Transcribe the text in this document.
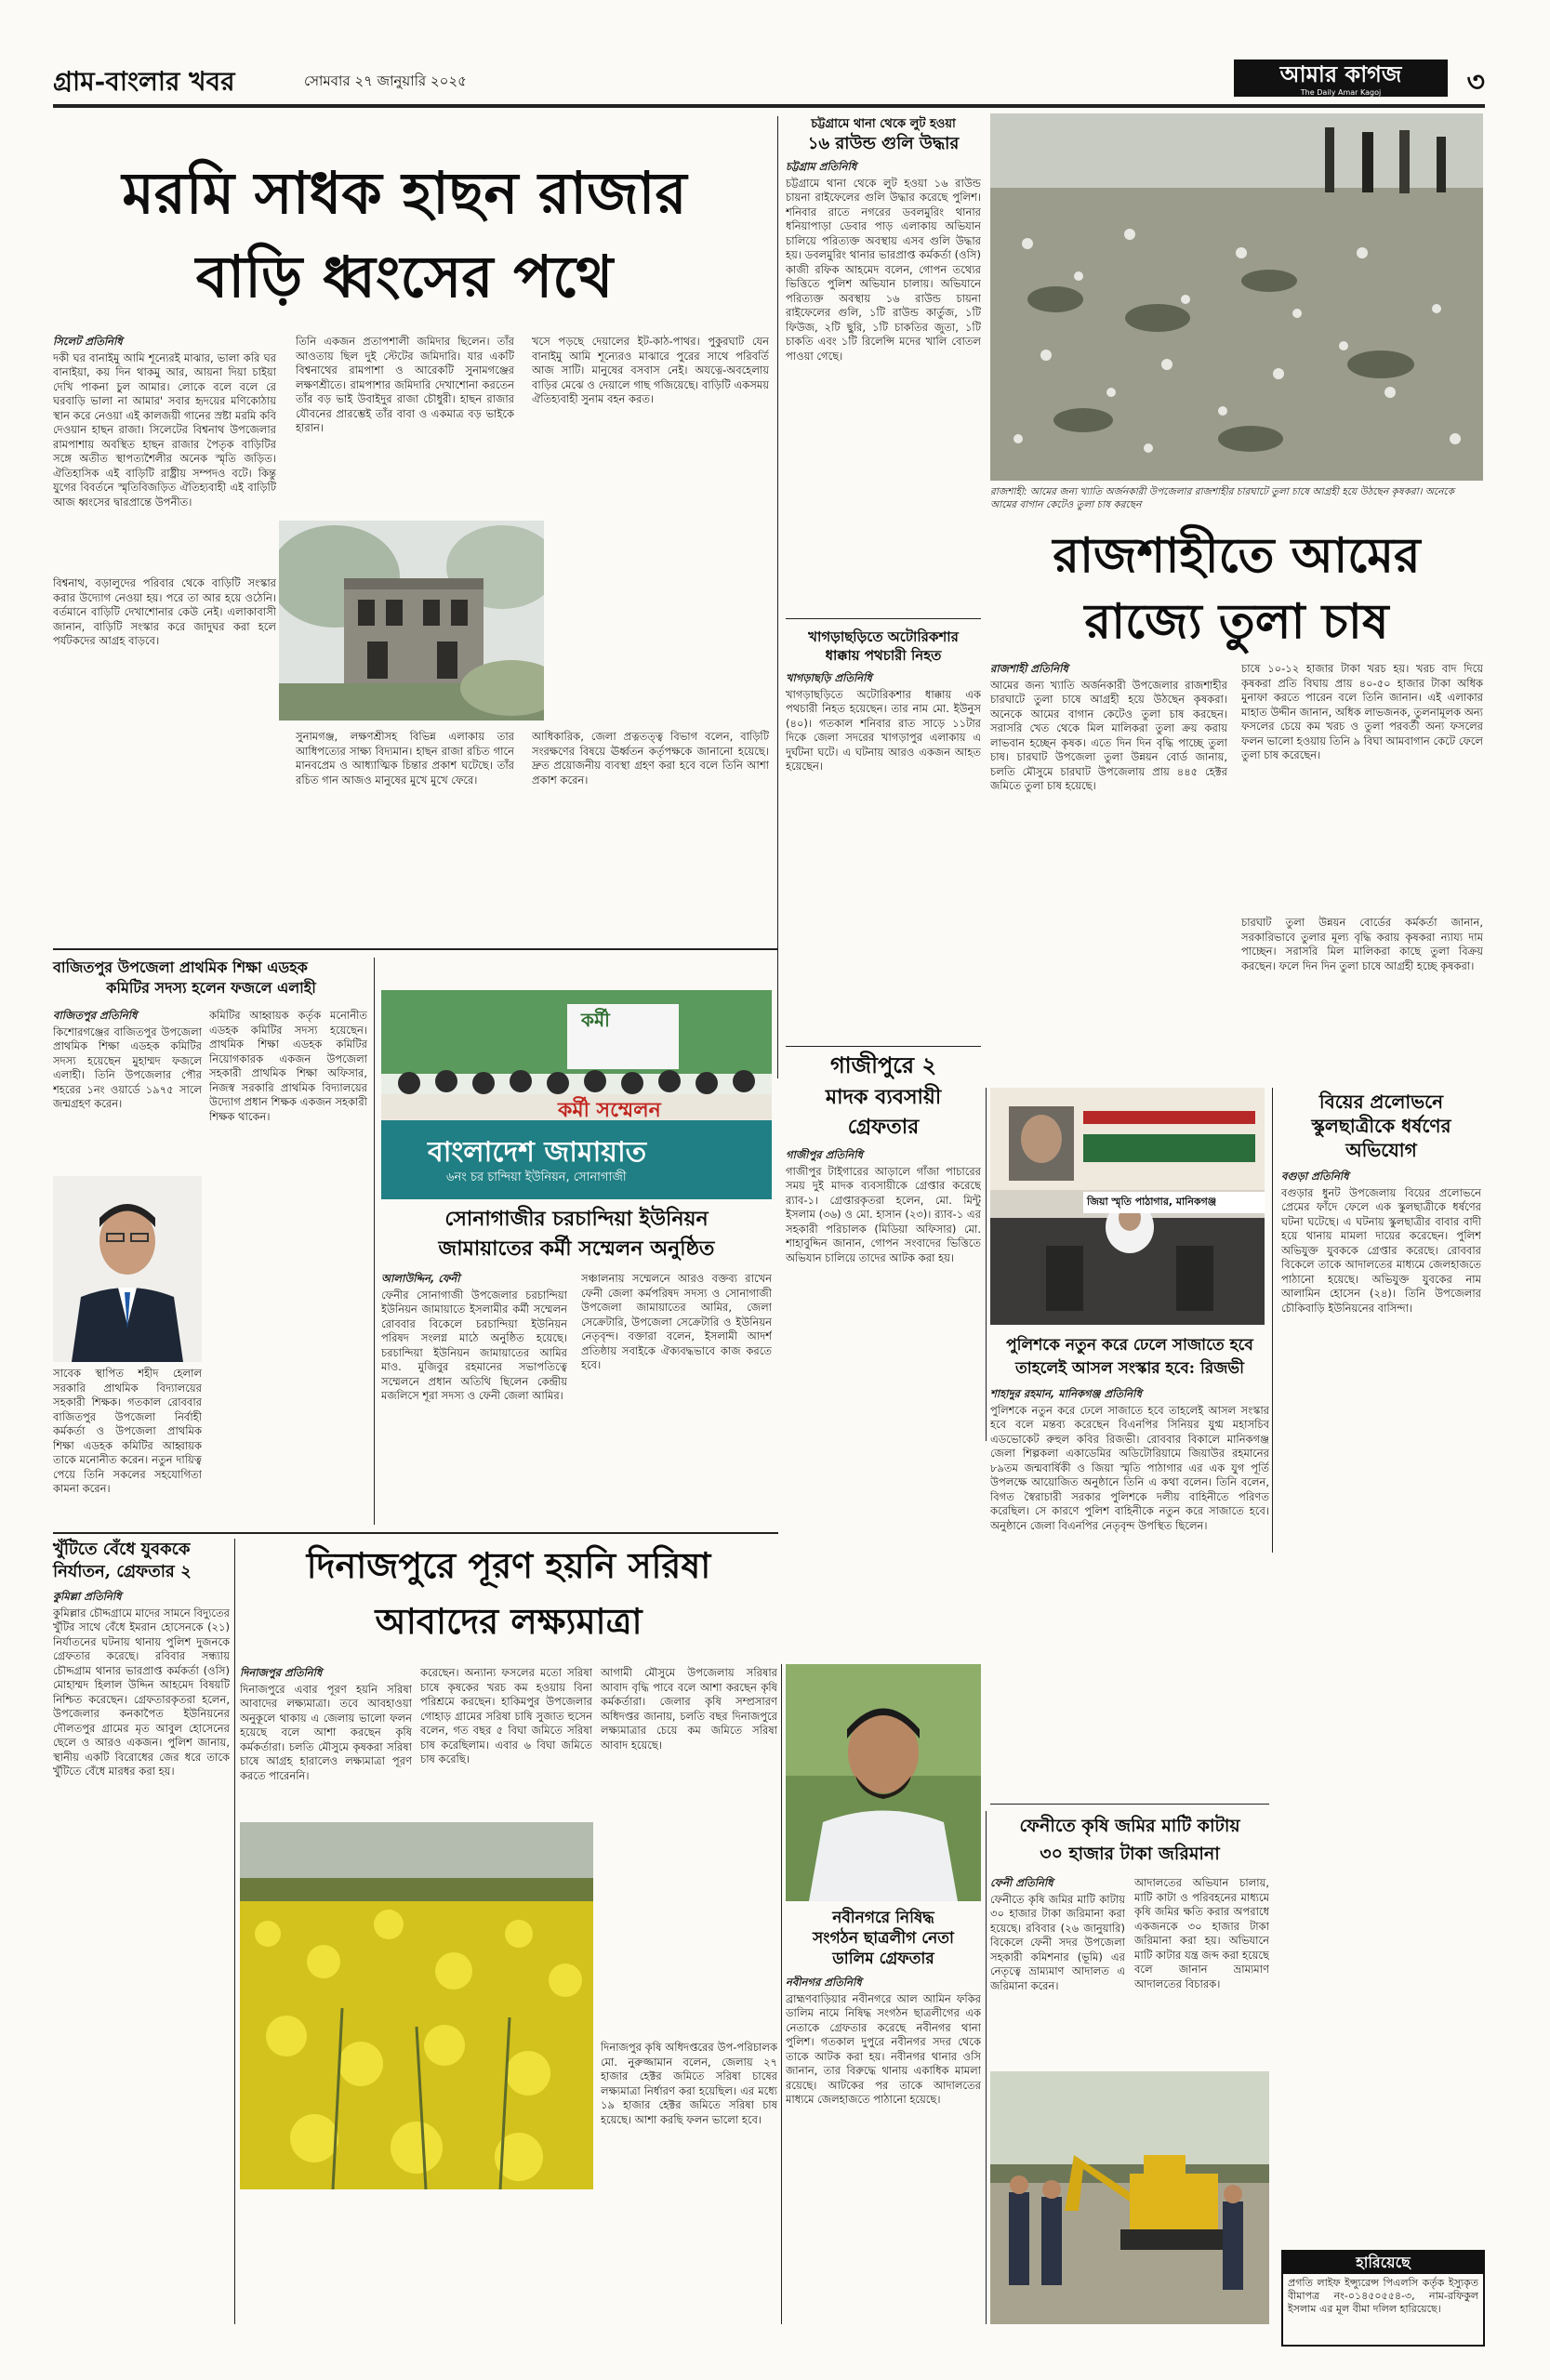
গ্রাম-বাংলার খবর	সোমবার ২৭ জানুয়ারি ২০২৫	আমার কাগজ
The Daily Amar Kagoj	৩
মরমি সাধক হাছন রাজার
বাড়ি ধ্বংসের পথে
সিলেট প্রতিনিধি
দকী ঘর বানাইমু আমি শূন্যেরই মাঝার, ভালা করি ঘর বানাইয়া, কয় দিন থাকমু আর, আয়না দিয়া চাইয়া দেখি পাকনা চুল আমার। লোকে বলে বলে রে ঘরবাড়ি ভালা না আমার' সবার হৃদয়ের মণিকোঠায় স্থান করে নেওয়া এই কালজয়ী গানের স্রষ্টা মরমি কবি দেওয়ান হাছন রাজা। সিলেটের বিশ্বনাথ উপজেলার রামপাশায় অবস্থিত হাছন রাজার পৈতৃক বাড়িটির সঙ্গে অতীত স্থাপত্যশৈলীর অনেক স্মৃতি জড়িত। ঐতিহাসিক এই বাড়িটি রাষ্ট্রীয় সম্পদও বটে। কিন্তু যুগের বিবর্তনে স্মৃতিবিজড়িত ঐতিহ্যবাহী এই বাড়িটি আজ ধ্বংসের দ্বারপ্রান্তে উপনীত।
তিনি একজন প্রতাপশালী জমিদার ছিলেন। তাঁর আওতায় ছিল দুই স্টেটের জমিদারি। যার একটি বিশ্বনাথের রামপাশা ও আরেকটি সুনামগঞ্জের লক্ষণশ্রীতে। রামপাশার জমিদারি দেখাশোনা করতেন তাঁর বড় ভাই উবাইদুর রাজা চৌধুরী। হাছন রাজার যৌবনের প্রারম্ভেই তাঁর বাবা ও একমাত্র বড় ভাইকে হারান।
খসে পড়ছে দেয়ালের ইট-কাঠ-পাথর। পুকুরঘাট যেন বানাইমু আমি শূন্যেরও মাঝারে পুরের সাথে পরিবর্তি আজ সাটি। মানুষের বসবাস নেই। অযত্নে-অবহেলায় বাড়ির মেঝে ও দেয়ালে গাছ গজিয়েছে। বাড়িটি একসময় ঐতিহ্যবাহী সুনাম বহন করত।
বিশ্বনাথ, বড়ালুদের পরিবার থেকে বাড়িটি সংস্কার করার উদ্যোগ নেওয়া হয়। পরে তা আর হয়ে ওঠেনি। বর্তমানে বাড়িটি দেখাশোনার কেউ নেই। এলাকাবাসী জানান, বাড়িটি সংস্কার করে জাদুঘর করা হলে পর্যটকদের আগ্রহ বাড়বে।
সুনামগঞ্জ, লক্ষণশ্রীসহ বিভিন্ন এলাকায় তার আধিপত্যের সাক্ষ্য বিদ্যমান। হাছন রাজা রচিত গানে মানবপ্রেম ও আধ্যাত্মিক চিন্তার প্রকাশ ঘটেছে। তাঁর রচিত গান আজও মানুষের মুখে মুখে ফেরে।
আধিকারিক, জেলা প্রত্নতত্ত্ব বিভাগ বলেন, বাড়িটি সংরক্ষণের বিষয়ে ঊর্ধ্বতন কর্তৃপক্ষকে জানানো হয়েছে। দ্রুত প্রয়োজনীয় ব্যবস্থা গ্রহণ করা হবে বলে তিনি আশা প্রকাশ করেন।
চট্টগ্রামে থানা থেকে লুট হওয়া
১৬ রাউন্ড গুলি উদ্ধার
চট্টগ্রাম প্রতিনিধি
চট্টগ্রামে থানা থেকে লুট হওয়া ১৬ রাউন্ড চায়না রাইফেলের গুলি উদ্ধার করেছে পুলিশ। শনিবার রাতে নগরের ডবলমুরিং থানার ধনিয়াপাড়া ডেবার পাড় এলাকায় অভিযান চালিয়ে পরিত্যক্ত অবস্থায় এসব গুলি উদ্ধার হয়। ডবলমুরিং থানার ভারপ্রাপ্ত কর্মকর্তা (ওসি) কাজী রফিক আহমেদ বলেন, গোপন তথ্যের ভিত্তিতে পুলিশ অভিযান চালায়। অভিযানে পরিত্যক্ত অবস্থায় ১৬ রাউন্ড চায়না রাইফেলের গুলি, ১টি রাউন্ড কার্তুজ, ১টি ফিউজ, ২টি ছুরি, ১টি চাকতির জুতা, ১টি চাকতি এবং ১টি রিলেন্সি মদের খালি বোতল পাওয়া গেছে।
খাগড়াছড়িতে অটোরিকশার
ধাক্কায় পথচারী নিহত
খাগড়াছড়ি প্রতিনিধি
খাগড়াছড়িতে অটোরিকশার ধাক্কায় এক পথচারী নিহত হয়েছেন। তার নাম মো. ইউনুস (৪০)। গতকাল শনিবার রাত সাড়ে ১১টার দিকে জেলা সদরের খাগড়াপুর এলাকায় এ দুর্ঘটনা ঘটে। এ ঘটনায় আরও একজন আহত হয়েছেন।
রাজশাহী: আমের জন্য খ্যাতি অর্জনকারী উপজেলার রাজশাহীর চারঘাটে তুলা চাষে আগ্রহী হয়ে উঠছেন কৃষকরা। অনেকে আমের বাগান কেটেও তুলা চাষ করছেন
রাজশাহীতে আমের
রাজ্যে তুলা চাষ
রাজশাহী প্রতিনিধি
আমের জন্য খ্যাতি অর্জনকারী উপজেলার রাজশাহীর চারঘাটে তুলা চাষে আগ্রহী হয়ে উঠছেন কৃষকরা। অনেকে আমের বাগান কেটেও তুলা চাষ করছেন। সরাসরি খেত থেকে মিল মালিকরা তুলা ক্রয় করায় লাভবান হচ্ছেন কৃষক। এতে দিন দিন বৃদ্ধি পাচ্ছে তুলা চাষ। চারঘাট উপজেলা তুলা উন্নয়ন বোর্ড জানায়, চলতি মৌসুমে চারঘাট উপজেলায় প্রায় ৪৪৫ হেক্টর জমিতে তুলা চাষ হয়েছে।
চাষে ১০-১২ হাজার টাকা খরচ হয়। খরচ বাদ দিয়ে কৃষকরা প্রতি বিঘায় প্রায় ৪০-৫০ হাজার টাকা অধিক মুনাফা করতে পারেন বলে তিনি জানান। এই এলাকার মাহাত উদ্দীন জানান, অধিক লাভজনক, তুলনামূলক অন্য ফসলের চেয়ে কম খরচ ও তুলা পরবর্তী অন্য ফসলের ফলন ভালো হওয়ায় তিনি ৯ বিঘা আমবাগান কেটে ফেলে তুলা চাষ করেছেন।
চারঘাট তুলা উন্নয়ন বোর্ডের কর্মকর্তা জানান, সরকারিভাবে তুলার মূল্য বৃদ্ধি করায় কৃষকরা ন্যায্য দাম পাচ্ছেন। সরাসরি মিল মালিকরা কাছে তুলা বিক্রয় করছেন। ফলে দিন দিন তুলা চাষে আগ্রহী হচ্ছে কৃষকরা।
বাজিতপুর উপজেলা প্রাথমিক শিক্ষা এডহক
কমিটির সদস্য হলেন ফজলে এলাহী
বাজিতপুর প্রতিনিধি
কিশোরগঞ্জের বাজিতপুর উপজেলা প্রাথমিক শিক্ষা এডহক কমিটির সদস্য হয়েছেন মুহাম্মদ ফজলে এলাহী। তিনি উপজেলার পৌর শহরের ১নং ওয়ার্ডে ১৯৭৫ সালে জন্মগ্রহণ করেন।
কমিটির আহ্বায়ক কর্তৃক মনোনীত এডহক কমিটির সদস্য হয়েছেন। প্রাথমিক শিক্ষা এডহক কমিটির নিয়োগকারক একজন উপজেলা সহকারী প্রাথমিক শিক্ষা অফিসার, নিজস্ব সরকারি প্রাথমিক বিদ্যালয়ের উদ্যোগ প্রধান শিক্ষক একজন সহকারী শিক্ষক থাকেন।
সাবেক স্থাপিত শহীদ হেলাল সরকারি প্রাথমিক বিদ্যালয়ের সহকারী শিক্ষক। গতকাল রোববার বাজিতপুর উপজেলা নির্বাহী কর্মকর্তা ও উপজেলা প্রাথমিক শিক্ষা এডহক কমিটির আহ্বায়ক তাকে মনোনীত করেন। নতুন দায়িত্ব পেয়ে তিনি সকলের সহযোগিতা কামনা করেন।
কর্মী
কর্মী সম্মেলন
বাংলাদেশ জামায়াত
৬নং চর চান্দিয়া ইউনিয়ন, সোনাগাজী
সোনাগাজীর চরচান্দিয়া ইউনিয়ন
জামায়াতের কর্মী সম্মেলন অনুষ্ঠিত
আলাউদ্দিন, ফেনী
ফেনীর সোনাগাজী উপজেলার চরচান্দিয়া ইউনিয়ন জামায়াতে ইসলামীর কর্মী সম্মেলন রোববার বিকেলে চরচান্দিয়া ইউনিয়ন পরিষদ সংলগ্ন মাঠে অনুষ্ঠিত হয়েছে। চরচান্দিয়া ইউনিয়ন জামায়াতের আমির মাও. মুজিবুর রহমানের সভাপতিত্বে সম্মেলনে প্রধান অতিথি ছিলেন কেন্দ্রীয় মজলিসে শূরা সদস্য ও ফেনী জেলা আমির।
সঞ্চালনায় সম্মেলনে আরও বক্তব্য রাখেন ফেনী জেলা কর্মপরিষদ সদস্য ও সোনাগাজী উপজেলা জামায়াতের আমির, জেলা সেক্রেটারি, উপজেলা সেক্রেটারি ও ইউনিয়ন নেতৃবৃন্দ। বক্তারা বলেন, ইসলামী আদর্শ প্রতিষ্ঠায় সবাইকে ঐক্যবদ্ধভাবে কাজ করতে হবে।
গাজীপুরে ২
মাদক ব্যবসায়ী
গ্রেফতার
গাজীপুর প্রতিনিধি
গাজীপুর টাইগারের আড়ালে গাঁজা পাচারের সময় দুই মাদক ব্যবসায়ীকে গ্রেপ্তার করেছে র‍্যাব-১। গ্রেপ্তারকৃতরা হলেন, মো. মিন্টু ইসলাম (৩৬) ও মো. হাসান (২৩)। র‍্যাব-১ এর সহকারী পরিচালক (মিডিয়া অফিসার) মো. শাহাবুদ্দিন জানান, গোপন সংবাদের ভিত্তিতে অভিযান চালিয়ে তাদের আটক করা হয়।
জিয়া স্মৃতি পাঠাগার, মানিকগঞ্জ
বিয়ের প্রলোভনে
স্কুলছাত্রীকে ধর্ষণের
অভিযোগ
বগুড়া প্রতিনিধি
বগুড়ার ধুনট উপজেলায় বিয়ের প্রলোভনে প্রেমের ফাঁদে ফেলে এক স্কুলছাত্রীকে ধর্ষণের ঘটনা ঘটেছে। এ ঘটনায় স্কুলছাত্রীর বাবার বাদী হয়ে থানায় মামলা দায়ের করেছেন। পুলিশ অভিযুক্ত যুবককে গ্রেপ্তার করেছে। রোববার বিকেলে তাকে আদালতের মাধ্যমে জেলহাজতে পাঠানো হয়েছে। অভিযুক্ত যুবকের নাম আলামিন হোসেন (২৪)। তিনি উপজেলার চৌকিবাড়ি ইউনিয়নের বাসিন্দা।
পুলিশকে নতুন করে ঢেলে সাজাতে হবে
তাহলেই আসল সংস্কার হবে: রিজভী
শাহাদুর রহমান, মানিকগঞ্জ প্রতিনিধি
পুলিশকে নতুন করে ঢেলে সাজাতে হবে তাহলেই আসল সংস্কার হবে বলে মন্তব্য করেছেন বিএনপির সিনিয়র যুগ্ম মহাসচিব এডভোকেট রুহুল কবির রিজভী। রোববার বিকালে মানিকগঞ্জ জেলা শিল্পকলা একাডেমির অডিটোরিয়ামে জিয়াউর রহমানের ৮৯তম জন্মবার্ষিকী ও জিয়া স্মৃতি পাঠাগার এর এক যুগ পূর্তি উপলক্ষে আয়োজিত অনুষ্ঠানে তিনি এ কথা বলেন। তিনি বলেন, বিগত স্বৈরাচারী সরকার পুলিশকে দলীয় বাহিনীতে পরিণত করেছিল। সে কারণে পুলিশ বাহিনীকে নতুন করে সাজাতে হবে। অনুষ্ঠানে জেলা বিএনপির নেতৃবৃন্দ উপস্থিত ছিলেন।
খুঁটিতে বেঁধে যুবককে
নির্যাতন, গ্রেফতার ২
কুমিল্লা প্রতিনিধি
কুমিল্লার চৌদ্দগ্রামে মাদের সামনে বিদ্যুতের খুঁটির সাথে বেঁধে ইমরান হোসেনকে (২১) নির্যাতনের ঘটনায় থানায় পুলিশ দুজনকে গ্রেফতার করেছে। রবিবার সন্ধ্যায় চৌদ্দগ্রাম থানার ভারপ্রাপ্ত কর্মকর্তা (ওসি) মোহাম্মদ হিলাল উদ্দিন আহমেদ বিষয়টি নিশ্চিত করেছেন। গ্রেফতারকৃতরা হলেন, উপজেলার কনকাপৈত ইউনিয়নের দৌলতপুর গ্রামের মৃত আবুল হোসেনের ছেলে ও আরও একজন। পুলিশ জানায়, স্থানীয় একটি বিরোধের জের ধরে তাকে খুঁটিতে বেঁধে মারধর করা হয়।
দিনাজপুরে পূরণ হয়নি সরিষা
আবাদের লক্ষ্যমাত্রা
দিনাজপুর প্রতিনিধি
দিনাজপুরে এবার পূরণ হয়নি সরিষা আবাদের লক্ষ্যমাত্রা। তবে আবহাওয়া অনুকূলে থাকায় এ জেলায় ভালো ফলন হয়েছে বলে আশা করছেন কৃষি কর্মকর্তারা। চলতি মৌসুমে কৃষকরা সরিষা চাষে আগ্রহ হারালেও লক্ষ্যমাত্রা পূরণ করতে পারেননি।
করেছেন। অন্যান্য ফসলের মতো সরিষা চাষে কৃষকের খরচ কম হওয়ায় বিনা পরিশ্রমে করছেন। হাকিমপুর উপজেলার গোহাড় গ্রামের সরিষা চাষি সুজাত হুসেন বলেন, গত বছর ৫ বিঘা জমিতে সরিষা চাষ করেছিলাম। এবার ৬ বিঘা জমিতে চাষ করেছি।
আগামী মৌসুমে উপজেলায় সরিষার আবাদ বৃদ্ধি পাবে বলে আশা করছেন কৃষি কর্মকর্তারা। জেলার কৃষি সম্প্রসারণ অধিদপ্তর জানায়, চলতি বছর দিনাজপুরে লক্ষ্যমাত্রার চেয়ে কম জমিতে সরিষা আবাদ হয়েছে।
দিনাজপুর কৃষি অধিদপ্তরের উপ-পরিচালক মো. নুরুজ্জামান বলেন, জেলায় ২৭ হাজার হেক্টর জমিতে সরিষা চাষের লক্ষ্যমাত্রা নির্ধারণ করা হয়েছিল। এর মধ্যে ১৯ হাজার হেক্টর জমিতে সরিষা চাষ হয়েছে। আশা করছি ফলন ভালো হবে।
নবীনগরে নিষিদ্ধ
সংগঠন ছাত্রলীগ নেতা
ডালিম গ্রেফতার
নবীনগর প্রতিনিধি
ব্রাহ্মণবাড়িয়ার নবীনগরে আল আমিন ফকির ডালিম নামে নিষিদ্ধ সংগঠন ছাত্রলীগের এক নেতাকে গ্রেফতার করেছে নবীনগর থানা পুলিশ। গতকাল দুপুরে নবীনগর সদর থেকে তাকে আটক করা হয়। নবীনগর থানার ওসি জানান, তার বিরুদ্ধে থানায় একাধিক মামলা রয়েছে। আটকের পর তাকে আদালতের মাধ্যমে জেলহাজতে পাঠানো হয়েছে।
ফেনীতে কৃষি জমির মাটি কাটায়
৩০ হাজার টাকা জরিমানা
ফেনী প্রতিনিধি
ফেনীতে কৃষি জমির মাটি কাটায় ৩০ হাজার টাকা জরিমানা করা হয়েছে। রবিবার (২৬ জানুয়ারি) বিকেলে ফেনী সদর উপজেলা সহকারী কমিশনার (ভূমি) এর নেতৃত্বে ভ্রাম্যমাণ আদালত এ জরিমানা করেন।
আদালতের অভিযান চালায়, মাটি কাটা ও পরিবহনের মাধ্যমে কৃষি জমির ক্ষতি করার অপরাধে একজনকে ৩০ হাজার টাকা জরিমানা করা হয়। অভিযানে মাটি কাটার যন্ত্র জব্দ করা হয়েছে বলে জানান ভ্রাম্যমাণ আদালতের বিচারক।
হারিয়েছে
প্রগতি লাইফ ইন্স্যুরেন্স পিএলসি কর্তৃক ইস্যুকৃত বীমাপত্র নং-০১৪৫০৫৫৪-৩, নাম-রফিকুল ইসলাম এর মূল বীমা দলিল হারিয়েছে।
